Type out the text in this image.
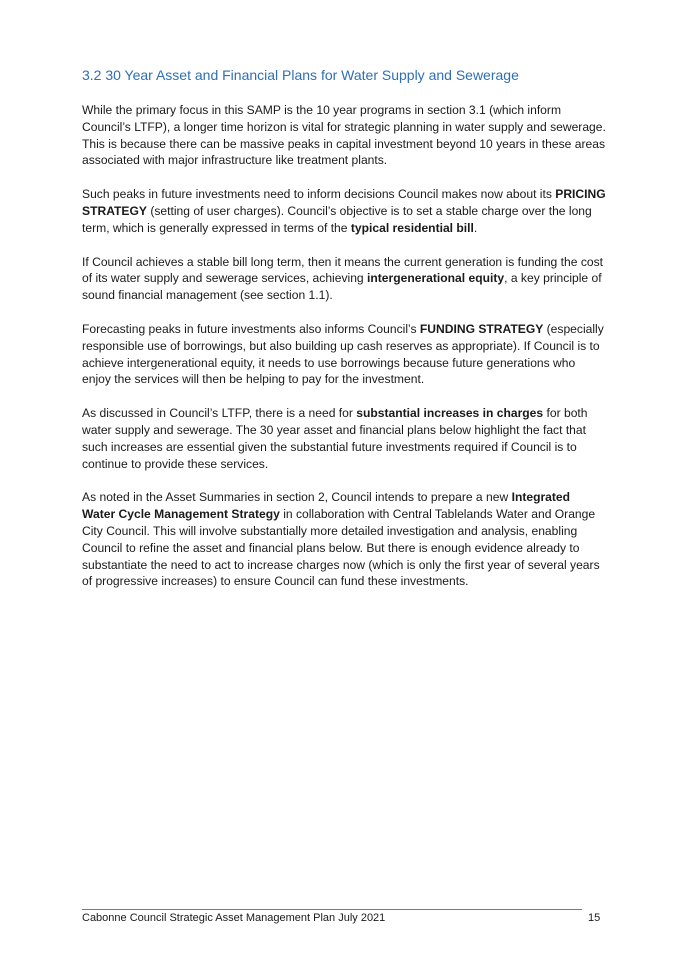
3.2 30 Year Asset and Financial Plans for Water Supply and Sewerage

While the primary focus in this SAMP is the 10 year programs in section 3.1 (which inform Council’s LTFP), a longer time horizon is vital for strategic planning in water supply and sewerage. This is because there can be massive peaks in capital investment beyond 10 years in these areas associated with major infrastructure like treatment plants.

Such peaks in future investments need to inform decisions Council makes now about its PRICING STRATEGY (setting of user charges). Council’s objective is to set a stable charge over the long term, which is generally expressed in terms of the typical residential bill.

If Council achieves a stable bill long term, then it means the current generation is funding the cost of its water supply and sewerage services, achieving intergenerational equity, a key principle of sound financial management (see section 1.1).

Forecasting peaks in future investments also informs Council’s FUNDING STRATEGY (especially responsible use of borrowings, but also building up cash reserves as appropriate). If Council is to achieve intergenerational equity, it needs to use borrowings because future generations who enjoy the services will then be helping to pay for the investment.

As discussed in Council’s LTFP, there is a need for substantial increases in charges for both water supply and sewerage. The 30 year asset and financial plans below highlight the fact that such increases are essential given the substantial future investments required if Council is to continue to provide these services.

As noted in the Asset Summaries in section 2, Council intends to prepare a new Integrated Water Cycle Management Strategy in collaboration with Central Tablelands Water and Orange City Council. This will involve substantially more detailed investigation and analysis, enabling Council to refine the asset and financial plans below. But there is enough evidence already to substantiate the need to act to increase charges now (which is only the first year of several years of progressive increases) to ensure Council can fund these investments.

Cabonne Council Strategic Asset Management Plan July 2021	15
